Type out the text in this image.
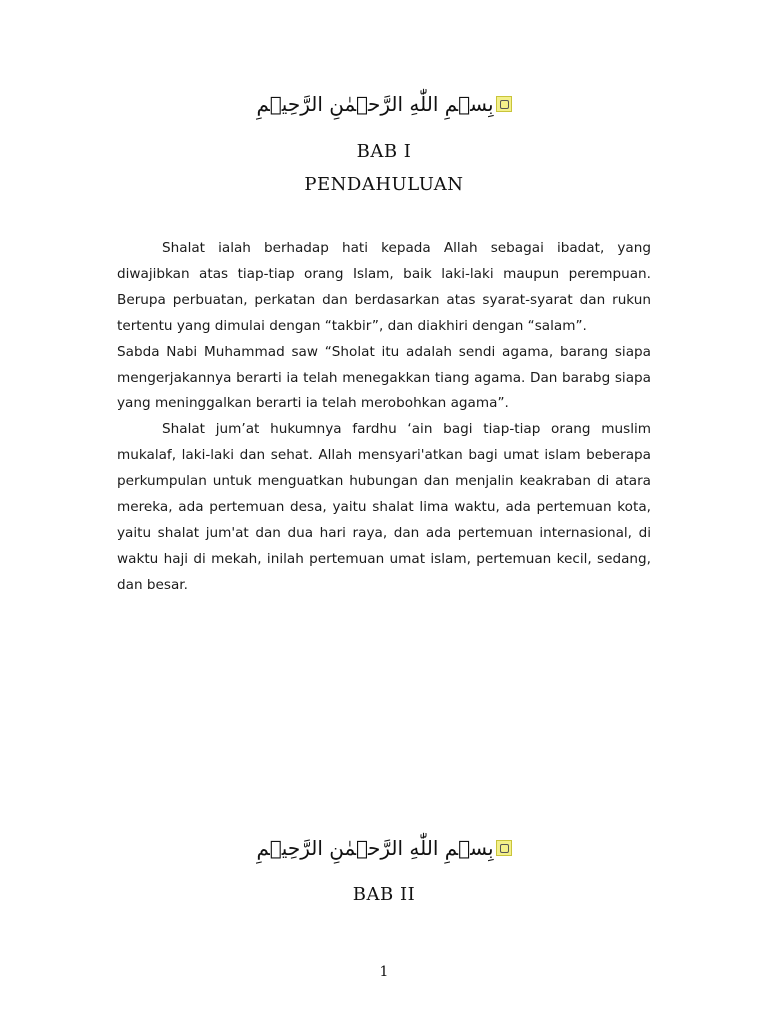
بِسۡمِ اللّٰهِ الرَّحۡمٰنِ الرَّحِيۡمِ
BAB I
PENDAHULUAN

Shalat ialah berhadap hati kepada Allah sebagai ibadat, yang diwajibkan atas tiap-tiap orang Islam, baik laki-laki maupun perempuan. Berupa perbuatan, perkatan dan berdasarkan atas syarat-syarat dan rukun tertentu yang dimulai dengan “takbir”, dan diakhiri dengan “salam”.

Sabda Nabi Muhammad saw “Sholat itu adalah sendi agama, barang siapa mengerjakannya berarti ia telah menegakkan tiang agama. Dan barabg siapa yang meninggalkan berarti ia telah merobohkan agama”.

Shalat jum’at hukumnya fardhu ‘ain bagi tiap-tiap orang muslim mukalaf, laki-laki dan sehat. Allah mensyari'atkan bagi umat islam beberapa perkumpulan untuk menguatkan hubungan dan menjalin keakraban di atara mereka, ada pertemuan desa, yaitu shalat lima waktu, ada pertemuan kota, yaitu shalat jum'at dan dua hari raya, dan ada pertemuan internasional, di waktu haji di mekah, inilah pertemuan umat islam, pertemuan kecil, sedang, dan besar.

بِسۡمِ اللّٰهِ الرَّحۡمٰنِ الرَّحِيۡمِ
BAB II
1
